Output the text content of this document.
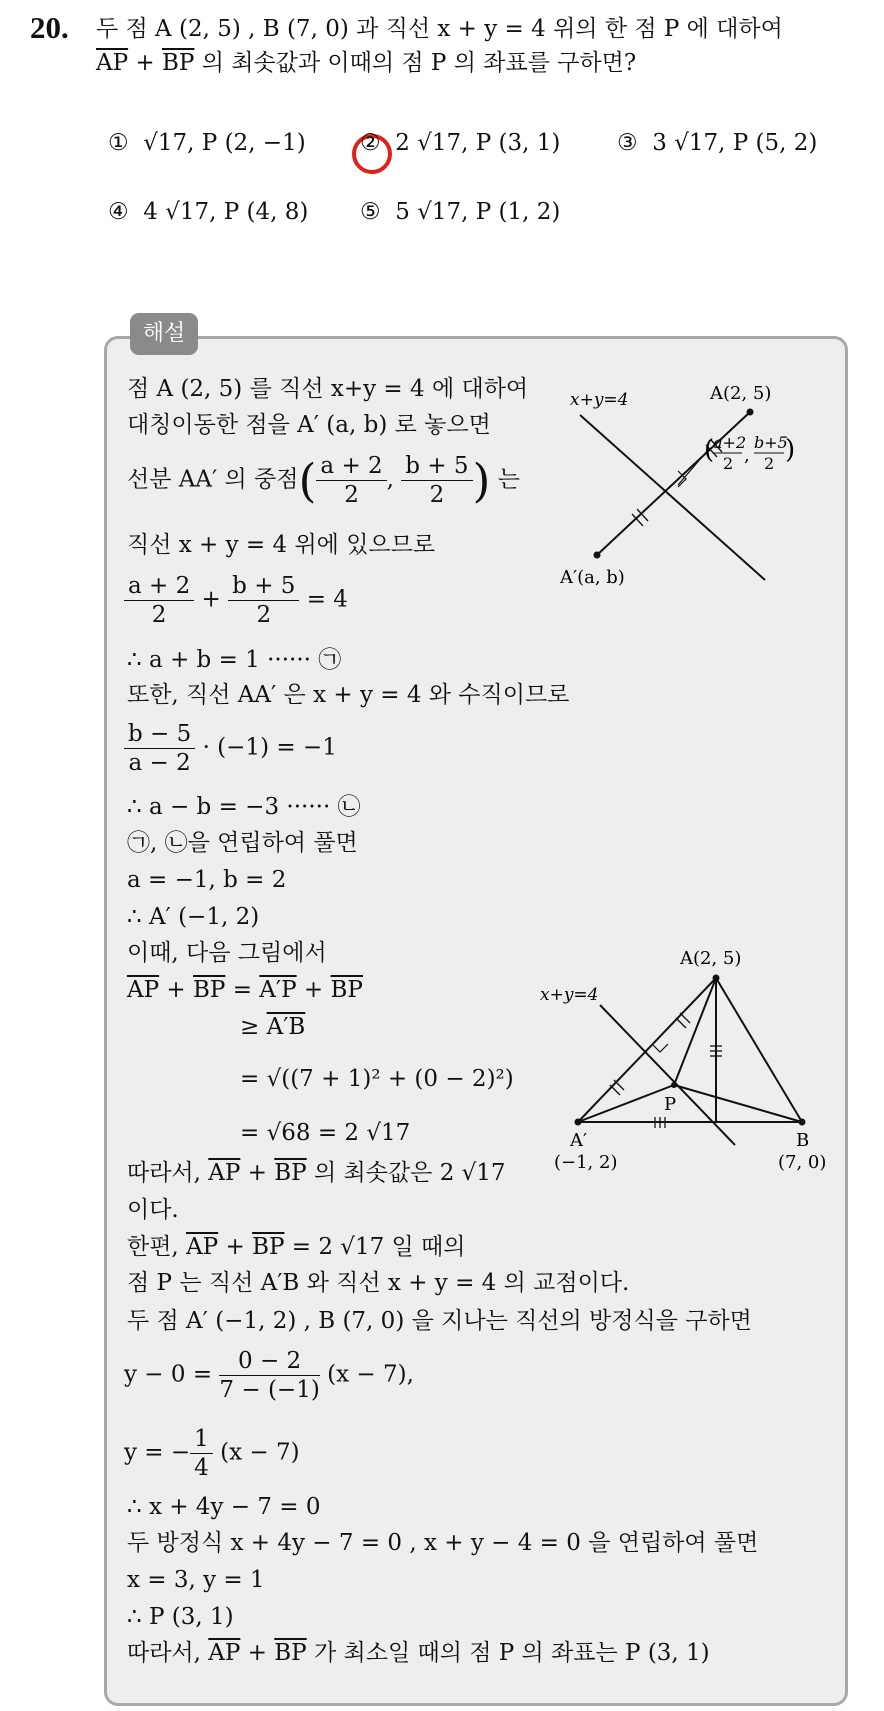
20. 두 점 A (2, 5) , B (7, 0) 과 직선 x + y = 4 위의 한 점 P 에 대하여
$\overline{AP} + \overline{BP}$ 의 최솟값과 이때의 점 P 의 좌표를 구하면?
① √17, P (2, −1) ② 2 √17, P (3, 1) ③ 3 √17, P (5, 2)
④ 4 √17, P (4, 8) ⑤ 5 √17, P (1, 2)
해설
점 A (2, 5) 를 직선 x+y = 4 에 대하여
대칭이동한 점을 A′ (a, b) 로 놓으면
선분 AA′ 의 중점( $\frac{a + 2}{2}$ , $\frac{b + 5}{2}$ ) 는
직선 x + y = 4 위에 있으므로
$\frac{a + 2}{2} + \frac{b + 5}{2} = 4$
∴ a + b = 1 ······ ㉠
또한, 직선 AA′ 은 x + y = 4 와 수직이므로
$\frac{b - 5}{a - 2} \cdot (-1) = -1$
∴ a − b = −3 ······ ㉡
㉠, ㉡을 연립하여 풀면
a = −1, b = 2
∴ A′ (−1, 2)
이때, 다음 그림에서
$\overline{AP} + \overline{BP} = A'P + \overline{BP}$
≥ A′B
= √((7 + 1)² + (0 − 2)²)
= √68 = 2 √17
따라서, $\overline{AP} + \overline{BP}$ 의 최솟값은 2 √17
이다.
한편, $\overline{AP} + \overline{BP} = 2$ √17 일 때의
점 P 는 직선 A′B 와 직선 x + y = 4 의 교점이다.
두 점 A′ (−1, 2) , B (7, 0) 을 지나는 직선의 방정식을 구하면
$y - 0 = \frac{0 - 2}{7 - (-1)} (x - 7)$,
y = − $\frac{1}{4} (x - 7)$
∴ x + 4y − 7 = 0
두 방정식 x + 4y − 7 = 0 , x + y − 4 = 0 을 연립하여 풀면
x = 3, y = 1
∴ P (3, 1)
따라서, $\overline{AP} + \overline{BP}$ 가 최소일 때의 점 P 의 좌표는 P (3, 1)
x+y=4	A(2, 5)
A′(a, b)
(
a+2
2 ,
b+5
2 )
x+y=4
A(2, 5)
P
A′
(−1, 2)
B
(7, 0)
